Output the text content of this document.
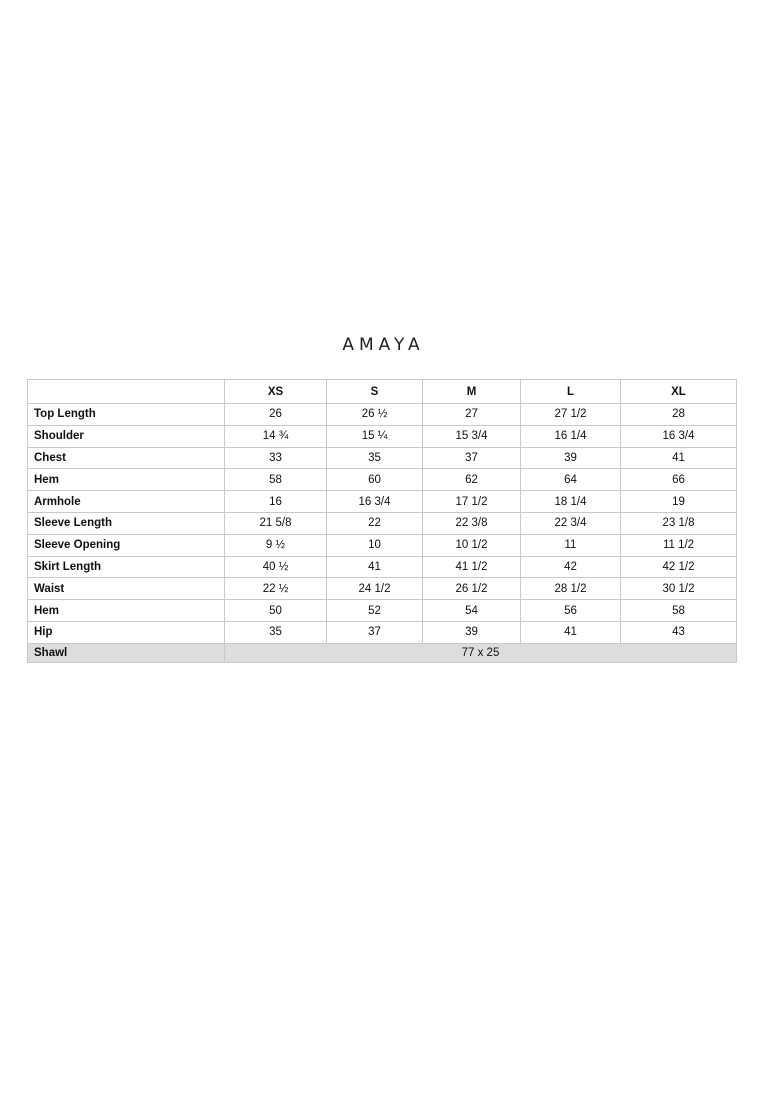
AMAYA
	XS	S	M	L	XL
Top Length	26	26 ½	27	27 1/2	28
Shoulder	14 ¾	15 ¼	15 3/4	16 1/4	16 3/4
Chest	33	35	37	39	41
Hem	58	60	62	64	66
Armhole	16	16 3/4	17 1/2	18 1/4	19
Sleeve Length	21 5/8	22	22 3/8	22 3/4	23 1/8
Sleeve Opening	9 ½	10	10 1/2	11	11 1/2
Skirt Length	40 ½	41	41 1/2	42	42 1/2
Waist	22 ½	24 1/2	26 1/2	28 1/2	30 1/2
Hem	50	52	54	56	58
Hip	35	37	39	41	43
Shawl	77 x 25				
